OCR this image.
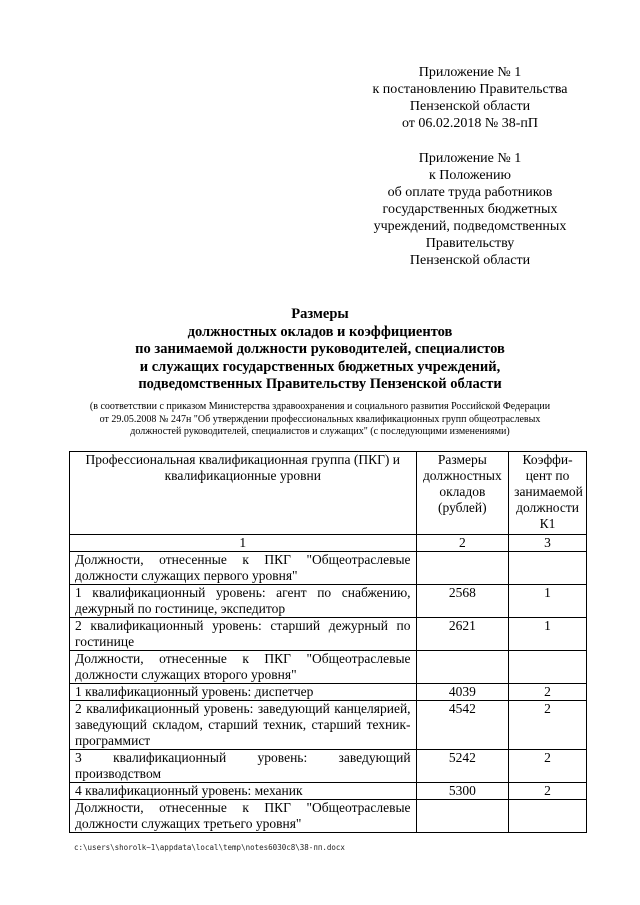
Приложение № 1

к постановлению Правительства

Пензенской области

от 06.02.2018 № 38-пП

Приложение № 1

к Положению

об оплате труда работников

государственных бюджетных

учреждений, подведомственных

Правительству

Пензенской области

Размеры

должностных окладов и коэффициентов

по занимаемой должности руководителей, специалистов

и служащих государственных бюджетных учреждений,

подведомственных Правительству Пензенской области

(в соответствии с приказом Министерства здравоохранения и социального развития Российской Федерации

от 29.05.2008 № 247н "Об утверждении профессиональных квалификационных групп общеотраслевых

должностей руководителей, специалистов и служащих" (с последующими изменениями)

Профессиональная квалификационная группа (ПКГ) и квалификационные уровни	Размеры должностных окладов (рублей)	Коэффи-цент по занимаемой должности К1
1	2	3
Должности, отнесенные к ПКГ "Общеотраслевые должности служащих первого уровня"		
1 квалификационный уровень: агент по снабжению, дежурный по гостинице, экспедитор	2568	1
2 квалификационный уровень: старший дежурный по гостинице	2621	1
Должности, отнесенные к ПКГ "Общеотраслевые должности служащих второго уровня"		
1 квалификационный уровень: диспетчер	4039	2
2 квалификационный уровень: заведующий канцелярией, заведующий складом, старший техник, старший техник-программист	4542	2
3 квалификационный уровень: заведующий производством	5242	2
4 квалификационный уровень: механик	5300	2
Должности, отнесенные к ПКГ "Общеотраслевые должности служащих третьего уровня"		
c:\users\shorolk~1\appdata\local\temp\notes6030c8\38-пп.docx
